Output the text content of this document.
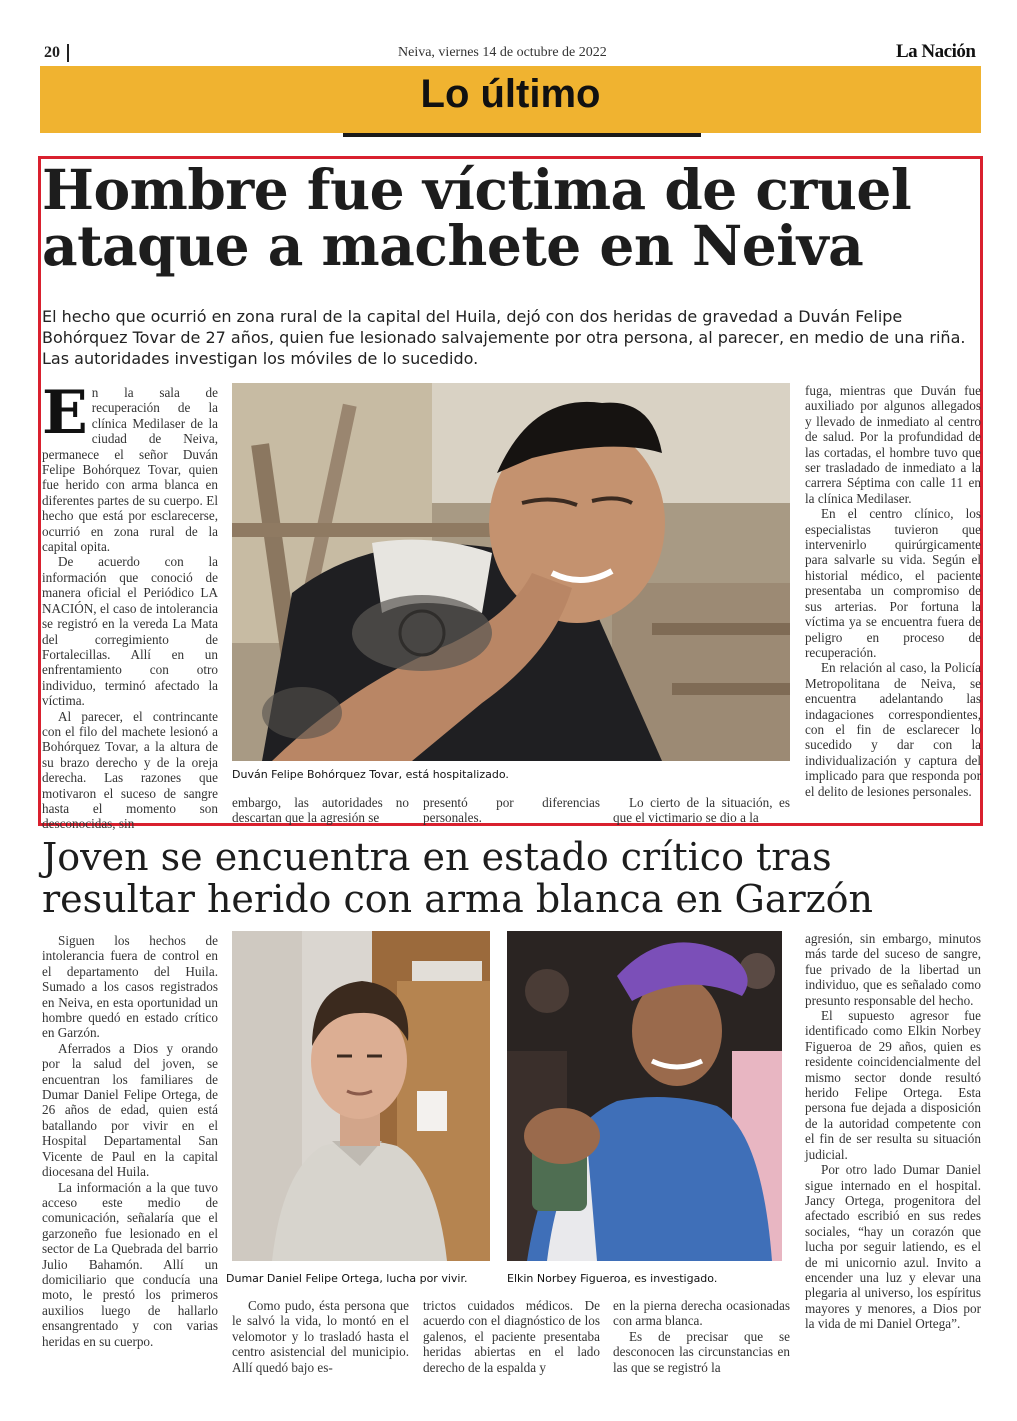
20	Neiva, viernes 14 de octubre de 2022	La Nación
Lo último
Hombre fue víctima de cruel ataque a machete en Neiva
El hecho que ocurrió en zona rural de la capital del Huila, dejó con dos heridas de gravedad a Duván Felipe Bohórquez Tovar de 27 años, quien fue lesionado salvajemente por otra persona, al parecer, en medio de una riña. Las autoridades investigan los móviles de lo sucedido.

En la sala de recuperación de la clínica Medilaser de la ciudad de Neiva, permanece el señor Duván Felipe Bohórquez Tovar, quien fue herido con arma blanca en diferentes partes de su cuerpo. El hecho que está por esclarecerse, ocurrió en zona rural de la capital opita.

De acuerdo con la información que conoció de manera oficial el Periódico LA NACIÓN, el caso de intolerancia se registró en la vereda La Mata del corregimiento de Fortalecillas. Allí en un enfrentamiento con otro individuo, terminó afectado la víctima.

Al parecer, el contrincante con el filo del machete lesionó a Bohórquez Tovar, a la altura de su brazo derecho y de la oreja derecha. Las razones que motivaron el suceso de sangre hasta el momento son desconocidas, sin

Duván Felipe Bohórquez Tovar, está hospitalizado.

embargo, las autoridades no descartan que la agresión se

presentó por diferencias personales.

Lo cierto de la situación, es que el victimario se dio a la

fuga, mientras que Duván fue auxiliado por algunos allegados y llevado de inmediato al centro de salud. Por la profundidad de las cortadas, el hombre tuvo que ser trasladado de inmediato a la carrera Séptima con calle 11 en la clínica Medilaser.

En el centro clínico, los especialistas tuvieron que intervenirlo quirúrgicamente para salvarle su vida. Según el historial médico, el paciente presentaba un compromiso de sus arterias. Por fortuna la víctima ya se encuentra fuera de peligro en proceso de recuperación.

En relación al caso, la Policía Metropolitana de Neiva, se encuentra adelantando las indagaciones correspondientes, con el fin de esclarecer lo sucedido y dar con la individualización y captura del implicado para que responda por el delito de lesiones personales.

Joven se encuentra en estado crítico tras resultar herido con arma blanca en Garzón

Siguen los hechos de intolerancia fuera de control en el departamento del Huila. Sumado a los casos registrados en Neiva, en esta oportunidad un hombre quedó en estado crítico en Garzón.

Aferrados a Dios y orando por la salud del joven, se encuentran los familiares de Dumar Daniel Felipe Ortega, de 26 años de edad, quien está batallando por vivir en el Hospital Departamental San Vicente de Paul en la capital diocesana del Huila.

La información a la que tuvo acceso este medio de comunicación, señalaría que el garzoneño fue lesionado en el sector de La Quebrada del barrio Julio Bahamón. Allí un domiciliario que conducía una moto, le prestó los primeros auxilios luego de hallarlo ensangrentado y con varias heridas en su cuerpo.

Dumar Daniel Felipe Ortega, lucha por vivir.	Elkin Norbey Figueroa, es investigado.

Como pudo, ésta persona que le salvó la vida, lo montó en el velomotor y lo trasladó hasta el centro asistencial del municipio. Allí quedó bajo es-

trictos cuidados médicos. De acuerdo con el diagnóstico de los galenos, el paciente presentaba heridas abiertas en el lado derecho de la espalda y

en la pierna derecha ocasionadas con arma blanca.

Es de precisar que se desconocen las circunstancias en las que se registró la

agresión, sin embargo, minutos más tarde del suceso de sangre, fue privado de la libertad un individuo, que es señalado como presunto responsable del hecho.

El supuesto agresor fue identificado como Elkin Norbey Figueroa de 29 años, quien es residente coincidencialmente del mismo sector donde resultó herido Felipe Ortega. Esta persona fue dejada a disposición de la autoridad competente con el fin de ser resulta su situación judicial.

Por otro lado Dumar Daniel sigue internado en el hospital. Jancy Ortega, progenitora del afectado escribió en sus redes sociales, “hay un corazón que lucha por seguir latiendo, es el de mi unicornio azul. Invito a encender una luz y elevar una plegaria al universo, los espíritus mayores y menores, a Dios por la vida de mi Daniel Ortega”.
